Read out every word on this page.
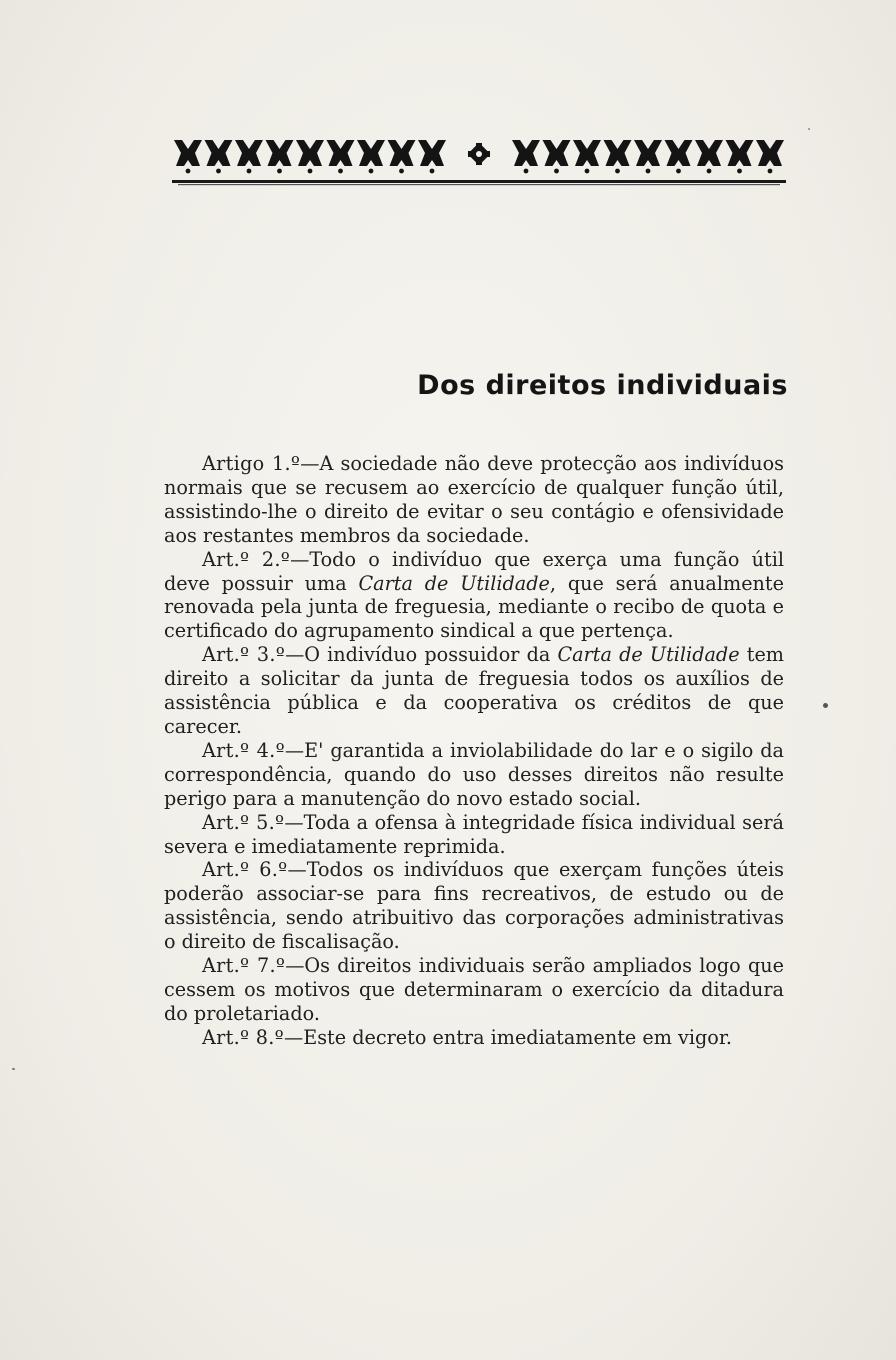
Dos direitos individuais

Artigo 1.º—A sociedade não deve protecção aos indivíduos normais que se recusem ao exercício de qualquer função útil, assistindo-lhe o direito de evitar o seu contágio e ofensividade aos restantes membros da sociedade.

Art.º 2.º—Todo o indivíduo que exerça uma função útil deve possuir uma Carta de Utilidade, que será anualmente renovada pela junta de freguesia, mediante o recibo de quota e certificado do agrupamento sindical a que pertença.

Art.º 3.º—O indivíduo possuidor da Carta de Utilidade tem direito a solicitar da junta de freguesia todos os auxílios de assistência pública e da cooperativa os créditos de que carecer.

Art.º 4.º—E' garantida a inviolabilidade do lar e o sigilo da correspondência, quando do uso desses direitos não resulte perigo para a manutenção do novo estado social.

Art.º 5.º—Toda a ofensa à integridade física individual será severa e imediatamente reprimida.

Art.º 6.º—Todos os indivíduos que exerçam funções úteis poderão associar-se para fins recreativos, de estudo ou de assistência, sendo atribuitivo das corporações administrativas o direito de fiscalisação.

Art.º 7.º—Os direitos individuais serão ampliados logo que cessem os motivos que determinaram o exercício da ditadura do proletariado.

Art.º 8.º—Este decreto entra imediatamente em vigor.
